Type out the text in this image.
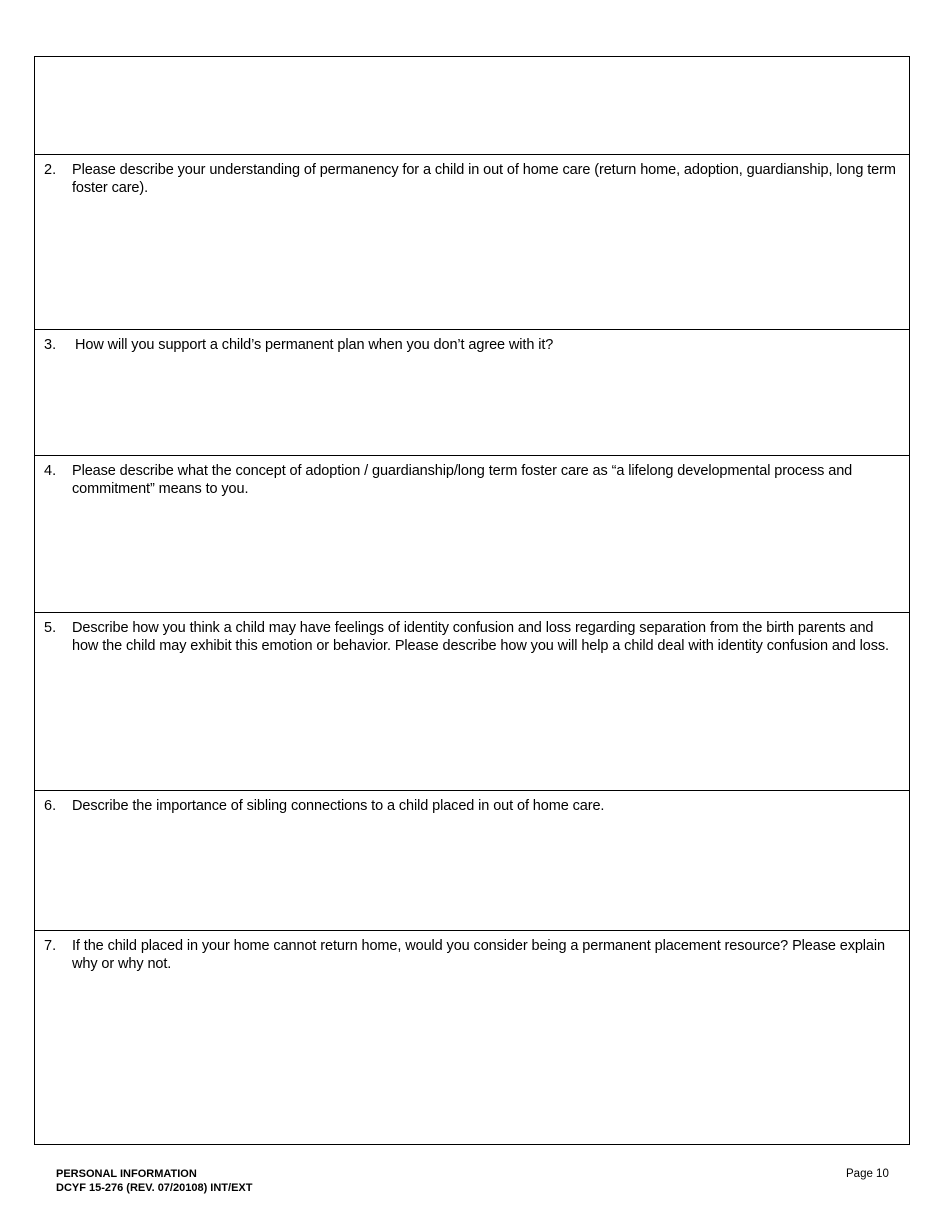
2. Please describe your understanding of permanency for a child in out of home care (return home, adoption, guardianship, long term foster care).
3. How will you support a child’s permanent plan when you don’t agree with it?
4. Please describe what the concept of adoption / guardianship/long term foster care as “a lifelong developmental process and commitment” means to you.
5. Describe how you think a child may have feelings of identity confusion and loss regarding separation from the birth parents and how the child may exhibit this emotion or behavior. Please describe how you will help a child deal with identity confusion and loss.
6. Describe the importance of sibling connections to a child placed in out of home care.
7. If the child placed in your home cannot return home, would you consider being a permanent placement resource? Please explain why or why not.
PERSONAL INFORMATION
DCYF 15-276 (REV. 07/20108) INT/EXT
Page 10
